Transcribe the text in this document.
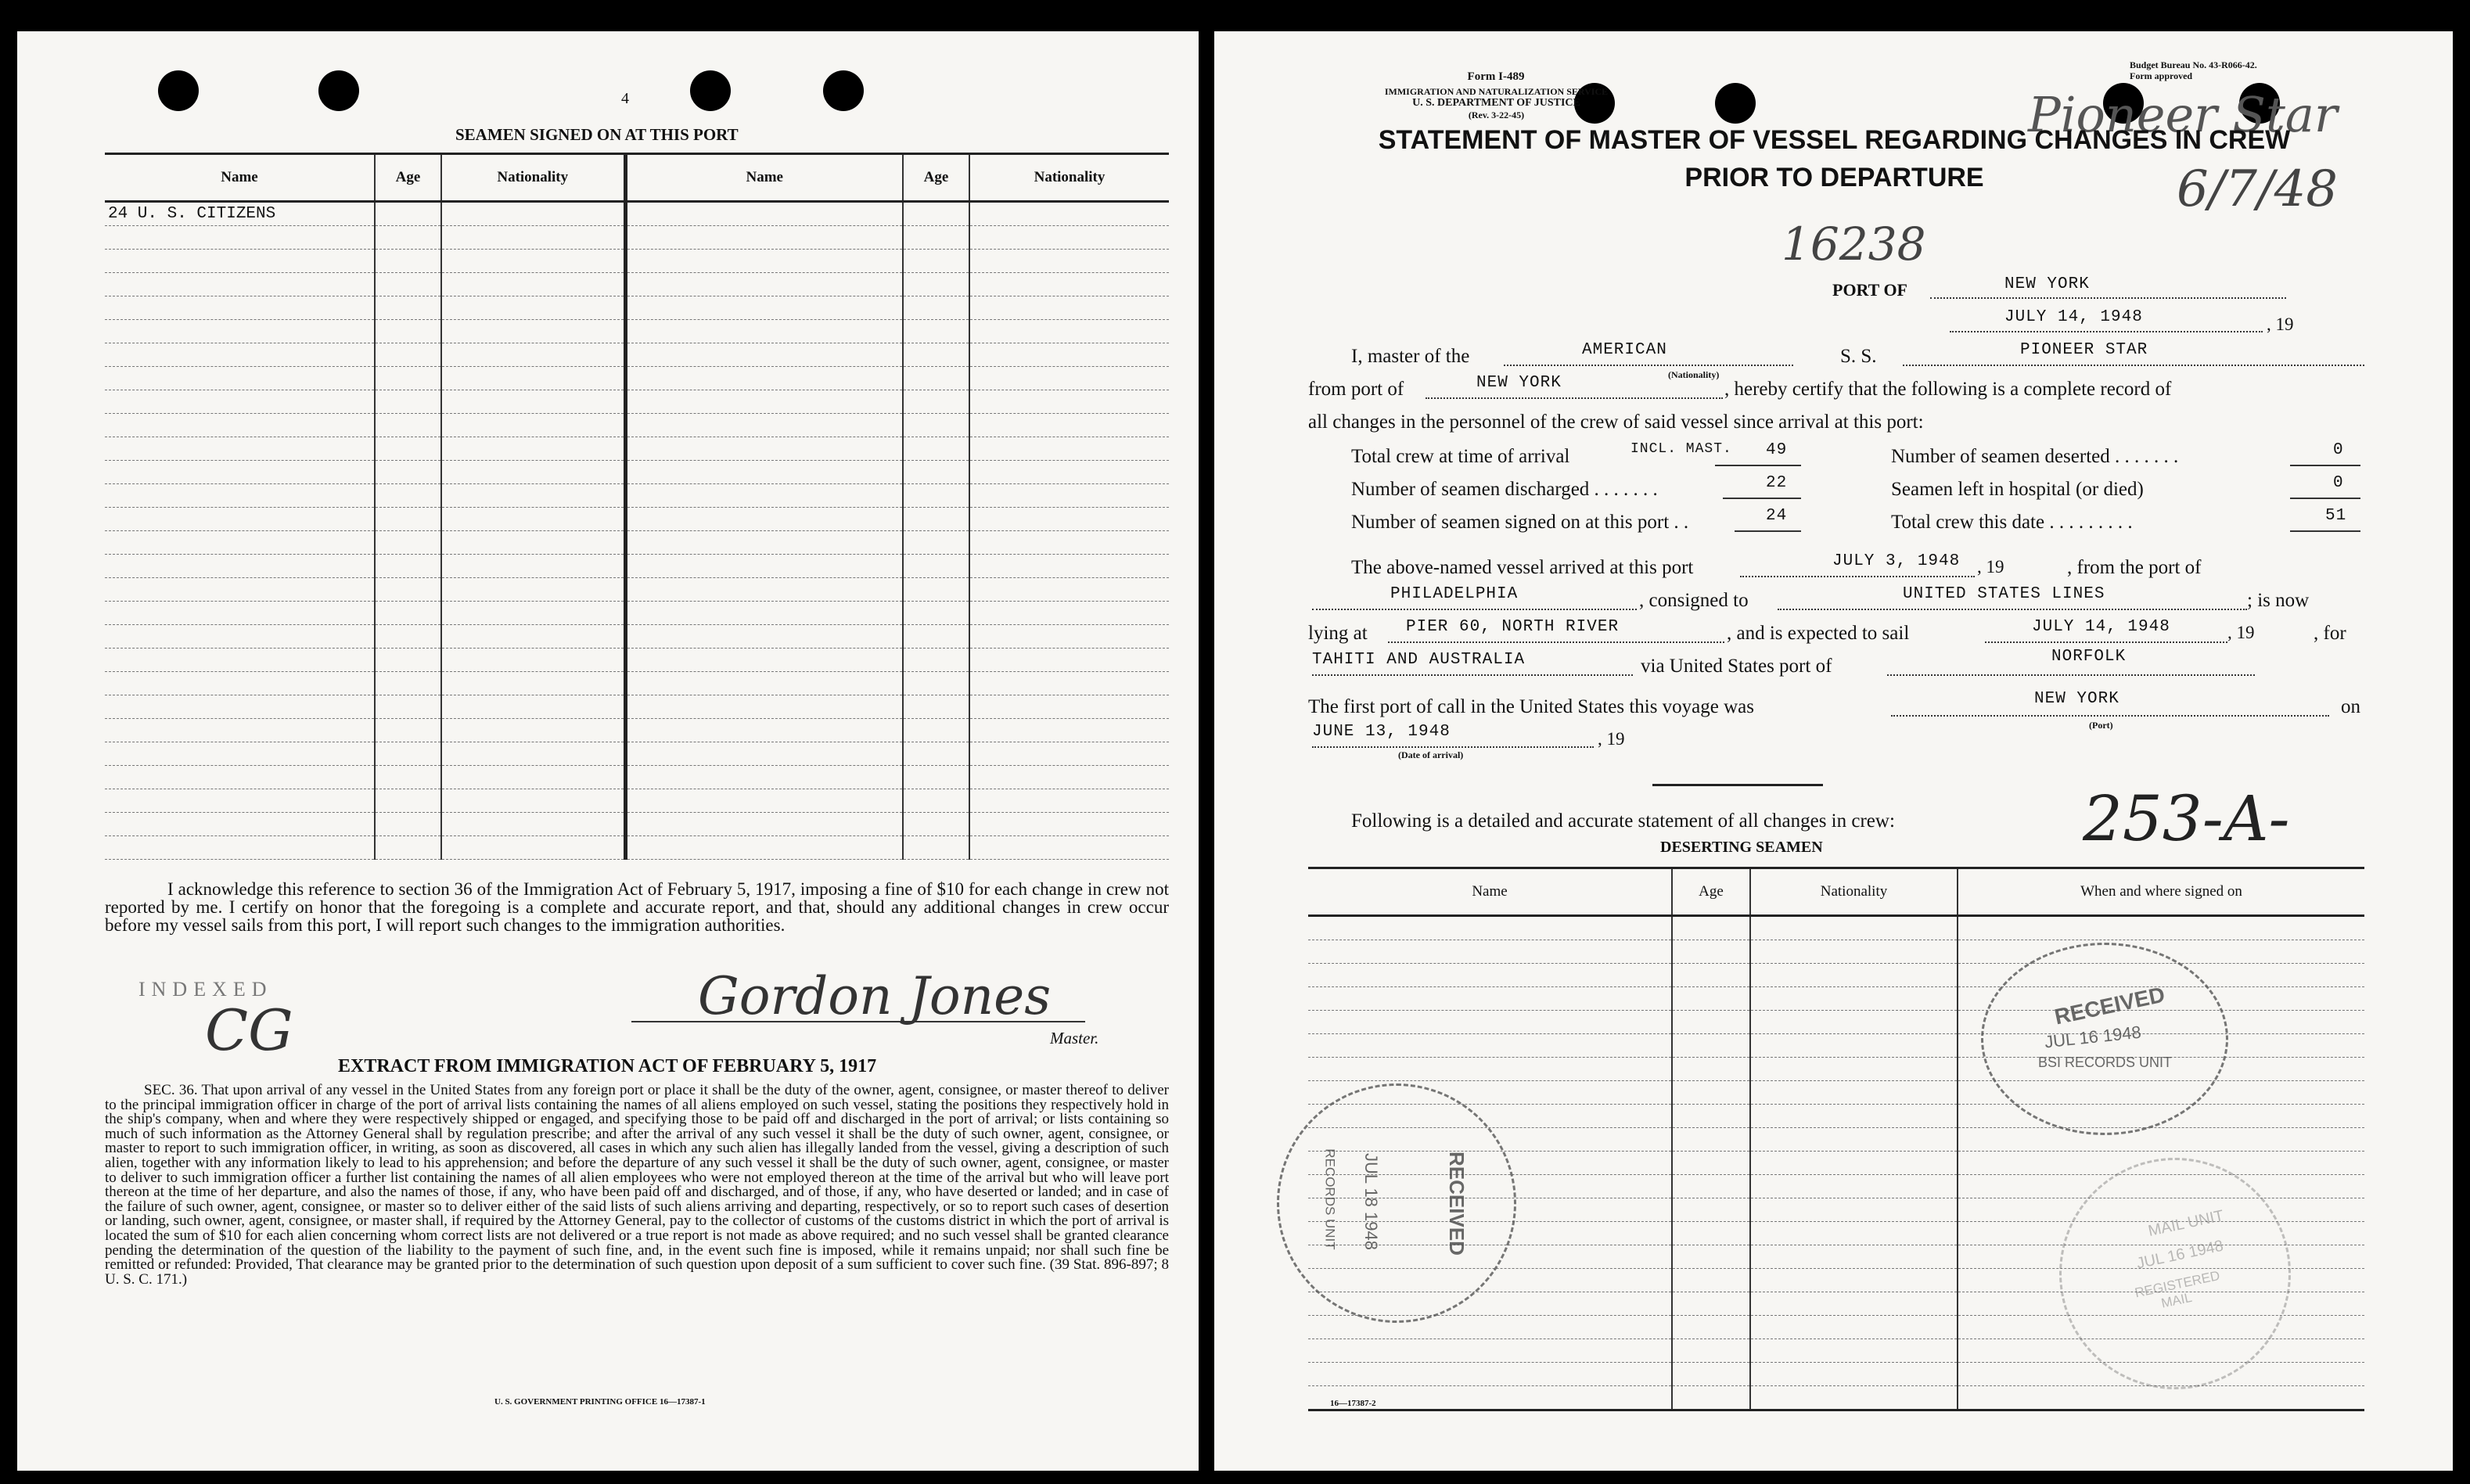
4
SEAMEN SIGNED ON AT THIS PORT
Name	Age	Nationality	Name	Age	Nationality
24 U. S. CITIZENS					

I acknowledge this reference to section 36 of the Immigration Act of February 5, 1917, imposing a fine of $10 for each change in crew not reported by me. I certify on honor that the foregoing is a complete and accurate report, and that, should any additional changes in crew occur before my vessel sails from this port, I will report such changes to the immigration authorities.
INDEXED
CG
Gordon Jones
Master.
EXTRACT FROM IMMIGRATION ACT OF FEBRUARY 5, 1917
SEC. 36. That upon arrival of any vessel in the United States from any foreign port or place it shall be the duty of the owner, agent, consignee, or master thereof to deliver to the principal immigration officer in charge of the port of arrival lists containing the names of all aliens employed on such vessel, stating the positions they respectively hold in the ship's company, when and where they were respectively shipped or engaged, and specifying those to be paid off and discharged in the port of arrival; or lists containing so much of such information as the Attorney General shall by regulation prescribe; and after the arrival of any such vessel it shall be the duty of such owner, agent, consignee, or master to report to such immigration officer, in writing, as soon as discovered, all cases in which any such alien has illegally landed from the vessel, giving a description of such alien, together with any information likely to lead to his apprehension; and before the departure of any such vessel it shall be the duty of such owner, agent, consignee, or master to deliver to such immigration officer a further list containing the names of all alien employees who were not employed thereon at the time of the arrival but who will leave port thereon at the time of her departure, and also the names of those, if any, who have been paid off and discharged, and of those, if any, who have deserted or landed; and in case of the failure of such owner, agent, consignee, or master so to deliver either of the said lists of such aliens arriving and departing, respectively, or so to report such cases of desertion or landing, such owner, agent, consignee, or master shall, if required by the Attorney General, pay to the collector of customs of the customs district in which the port of arrival is located the sum of $10 for each alien concerning whom correct lists are not delivered or a true report is not made as above required; and no such vessel shall be granted clearance pending the determination of the question of the liability to the payment of such fine, and, in the event such fine is imposed, while it remains unpaid; nor shall such fine be remitted or refunded: Provided, That clearance may be granted prior to the determination of such question upon deposit of a sum sufficient to cover such fine. (39 Stat. 896-897; 8 U. S. C. 171.)
U. S. GOVERNMENT PRINTING OFFICE 16—17387-1
Form I-489
IMMIGRATION AND NATURALIZATION SERVICE
U. S. DEPARTMENT OF JUSTICE
(Rev. 3-22-45)
Budget Bureau No. 43-R066-42.
Form approved
Pioneer Star
6/7/48
16238
STATEMENT OF MASTER OF VESSEL REGARDING CHANGES IN CREW
PRIOR TO DEPARTURE
PORT OF	NEW YORK
JULY 14, 1948	, 19
I, master of the	AMERICAN
(Nationality)
S. S.	PIONEER STAR
from port of	NEW YORK	, hereby certify that the following is a complete record of
all changes in the personnel of the crew of said vessel since arrival at this port:
Total crew at time of arrival	INCL. MAST. 49
Number of seamen discharged . . . . . . .	22
Number of seamen signed on at this port . .	24
Number of seamen deserted . . . . . . .	0
Seamen left in hospital (or died)	0
Total crew this date . . . . . . . . .	51
The above-named vessel arrived at this port	JULY 3, 1948 , 19	, from the port of
PHILADELPHIA	, consigned to	UNITED STATES LINES	; is now
lying at PIER 60, NORTH RIVER	, and is expected to sail	JULY 14, 1948	, 19	, for
TAHITI AND AUSTRALIA	via United States port of	NORFOLK
The first port of call in the United States this voyage was	NEW YORK
(Port)
on
JUNE 13, 1948	, 19
(Date of arrival)
Following is a detailed and accurate statement of all changes in crew:	253-A-
DESERTING SEAMEN
Name	Age	Nationality	When and where signed on

RECEIVED
JUL 16 1948
BSI RECORDS UNIT
RECEIVED
JUL 18 1948
RECORDS UNIT	MAIL UNIT
JUL 16 1948
REGISTERED MAIL
16—17387-2
